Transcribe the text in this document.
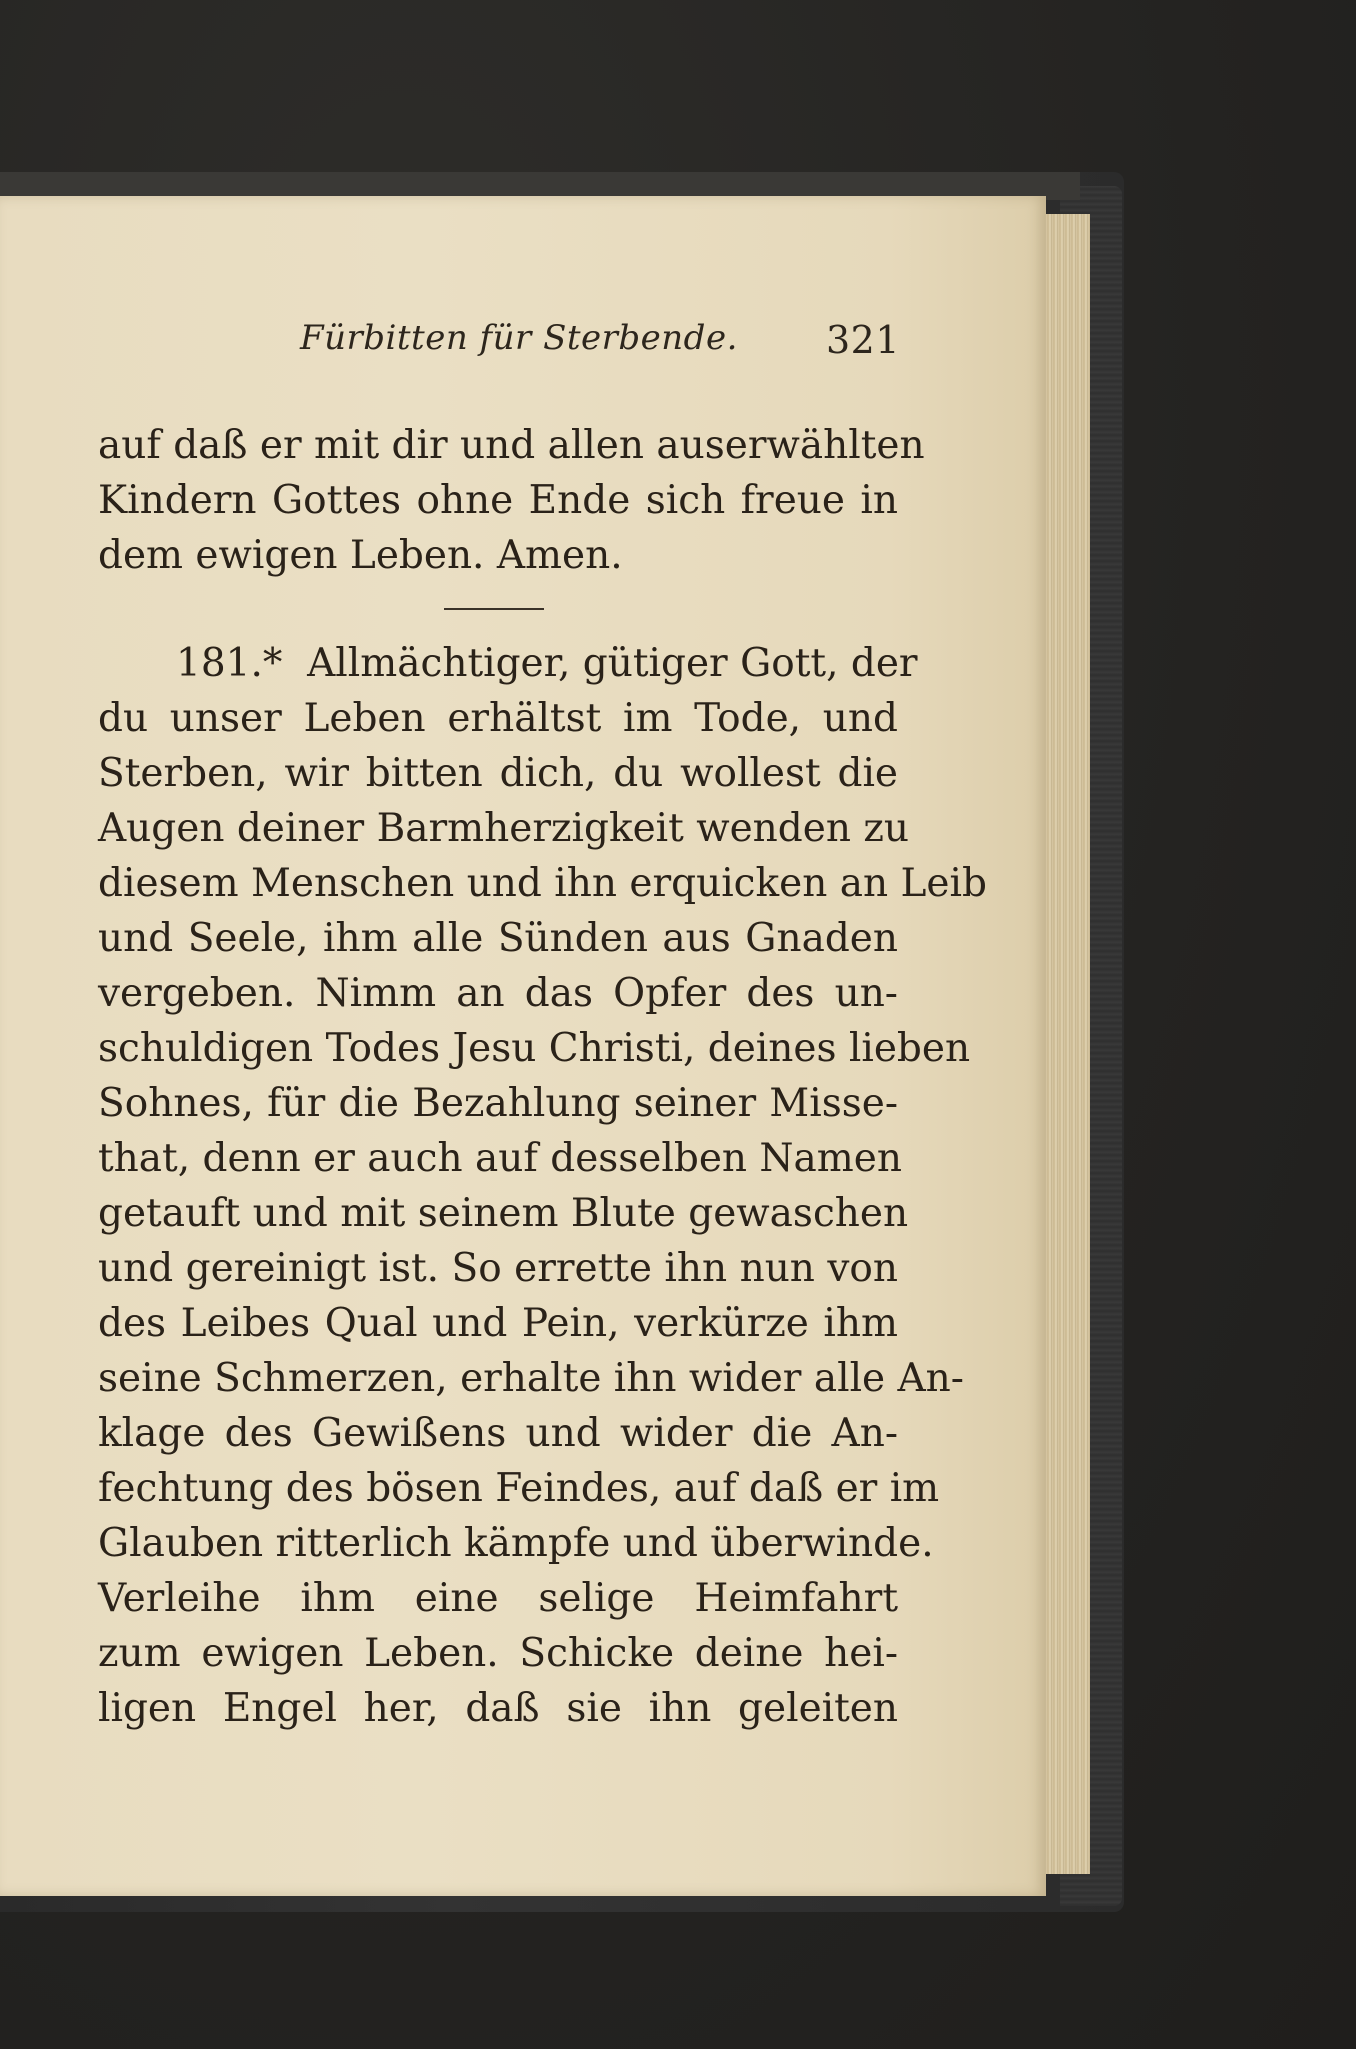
Fürbitten für Sterbende. 321
auf daß er mit dir und allen auserwählten
Kindern Gottes ohne Ende sich freue in
dem ewigen Leben. Amen.
181.* Allmächtiger, gütiger Gott, der
du unser Leben erhältst im Tode, und
Sterben, wir bitten dich, du wollest die
Augen deiner Barmherzigkeit wenden zu
diesem Menschen und ihn erquicken an Leib
und Seele, ihm alle Sünden aus Gnaden
vergeben. Nimm an das Opfer des un-
schuldigen Todes Jesu Christi, deines lieben
Sohnes, für die Bezahlung seiner Misse-
that, denn er auch auf desselben Namen
getauft und mit seinem Blute gewaschen
und gereinigt ist. So errette ihn nun von
des Leibes Qual und Pein, verkürze ihm
seine Schmerzen, erhalte ihn wider alle An-
klage des Gewißens und wider die An-
fechtung des bösen Feindes, auf daß er im
Glauben ritterlich kämpfe und überwinde.
Verleihe ihm eine selige Heimfahrt
zum ewigen Leben. Schicke deine hei-
ligen Engel her, daß sie ihn geleiten
